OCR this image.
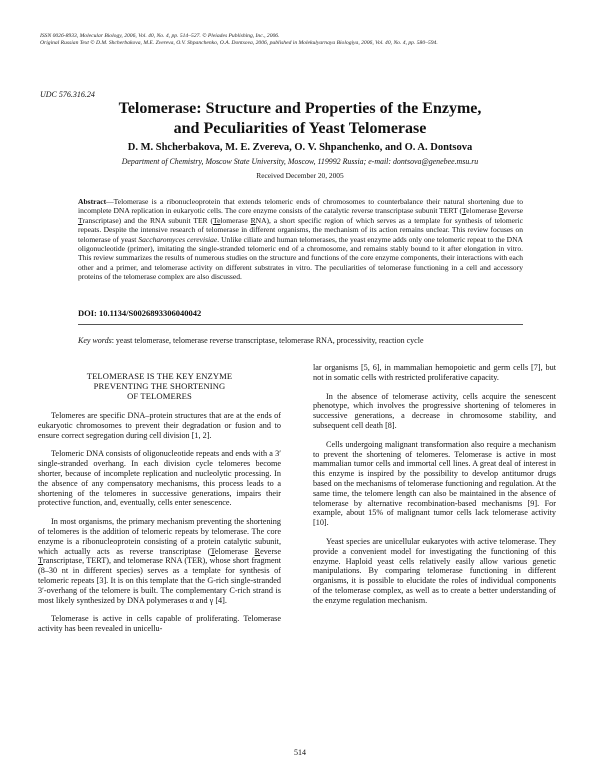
ISSN 0026-8933, Molecular Biology, 2006, Vol. 40, No. 4, pp. 514–527. © Pleiades Publishing, Inc., 2006.
Original Russian Text © D.M. Shcherbakova, M.E. Zvereva, O.V. Shpanchenko, O.A. Dontsova, 2006, published in Molekulyarnaya Biologiya, 2006, Vol. 40, No. 4, pp. 580–594.
UDC 576.316.24
Telomerase: Structure and Properties of the Enzyme,
and Peculiarities of Yeast Telomerase
D. M. Shcherbakova, M. E. Zvereva, O. V. Shpanchenko, and O. A. Dontsova
Department of Chemistry, Moscow State University, Moscow, 119992 Russia; e-mail: dontsova@genebee.msu.ru
Received December 20, 2005
Abstract—Telomerase is a ribonucleoprotein that extends telomeric ends of chromosomes to counterbalance their natural shortening due to incomplete DNA replication in eukaryotic cells. The core enzyme consists of the catalytic reverse transcriptase subunit TERT (Telomerase Reverse Transcriptase) and the RNA subunit TER (Telomerase RNA), a short specific region of which serves as a template for synthesis of telomeric repeats. Despite the intensive research of telomerase in different organisms, the mechanism of its action remains unclear. This review focuses on telomerase of yeast Saccharomyces cerevisiae. Unlike ciliate and human telomerases, the yeast enzyme adds only one telomeric repeat to the DNA oligonucleotide (primer), imitating the single-stranded telomeric end of a chromosome, and remains stably bound to it after elongation in vitro. This review summarizes the results of numerous studies on the structure and functions of the core enzyme components, their interactions with each other and a primer, and telomerase activity on different substrates in vitro. The peculiarities of telomerase functioning in a cell and accessory proteins of the telomerase complex are also discussed.
DOI: 10.1134/S0026893306040042
Key words: yeast telomerase, telomerase reverse transcriptase, telomerase RNA, processivity, reaction cycle
TELOMERASE IS THE KEY ENZYME
PREVENTING THE SHORTENING
OF TELOMERES

Telomeres are specific DNA–protein structures that are at the ends of eukaryotic chromosomes to prevent their degradation or fusion and to ensure correct segregation during cell division [1, 2].

Telomeric DNA consists of oligonucleotide repeats and ends with a 3′ single-stranded overhang. In each division cycle telomeres become shorter, because of incomplete replication and nucleolytic processing. In the absence of any compensatory mechanisms, this process leads to a shortening of the telomeres in successive generations, impairs their protective function, and, eventually, cells enter senescence.

In most organisms, the primary mechanism preventing the shortening of telomeres is the addition of telomeric repeats by telomerase. The core enzyme is a ribonucleoprotein consisting of a protein catalytic subunit, which actually acts as reverse transcriptase (Telomerase Reverse Transcriptase, TERT), and telomerase RNA (TER), whose short fragment (8–30 nt in different species) serves as a template for synthesis of telomeric repeats [3]. It is on this template that the G-rich single-stranded 3′-overhang of the telomere is built. The complementary C-rich strand is most likely synthesized by DNA polymerases α and γ [4].

Telomerase is active in cells capable of proliferating. Telomerase activity has been revealed in unicellu-

lar organisms [5, 6], in mammalian hemopoietic and germ cells [7], but not in somatic cells with restricted proliferative capacity.

In the absence of telomerase activity, cells acquire the senescent phenotype, which involves the progressive shortening of telomeres in successive generations, a decrease in chromosome stability, and subsequent cell death [8].

Cells undergoing malignant transformation also require a mechanism to prevent the shortening of telomeres. Telomerase is active in most mammalian tumor cells and immortal cell lines. A great deal of interest in this enzyme is inspired by the possibility to develop antitumor drugs based on the mechanisms of telomerase functioning and regulation. At the same time, the telomere length can also be maintained in the absence of telomerase by alternative recombination-based mechanisms [9]. For example, about 15% of malignant tumor cells lack telomerase activity [10].

Yeast species are unicellular eukaryotes with active telomerase. They provide a convenient model for investigating the functioning of this enzyme. Haploid yeast cells relatively easily allow various genetic manipulations. By comparing telomerase functioning in different organisms, it is possible to elucidate the roles of individual components of the telomerase complex, as well as to create a better understanding of the enzyme regulation mechanism.

514
